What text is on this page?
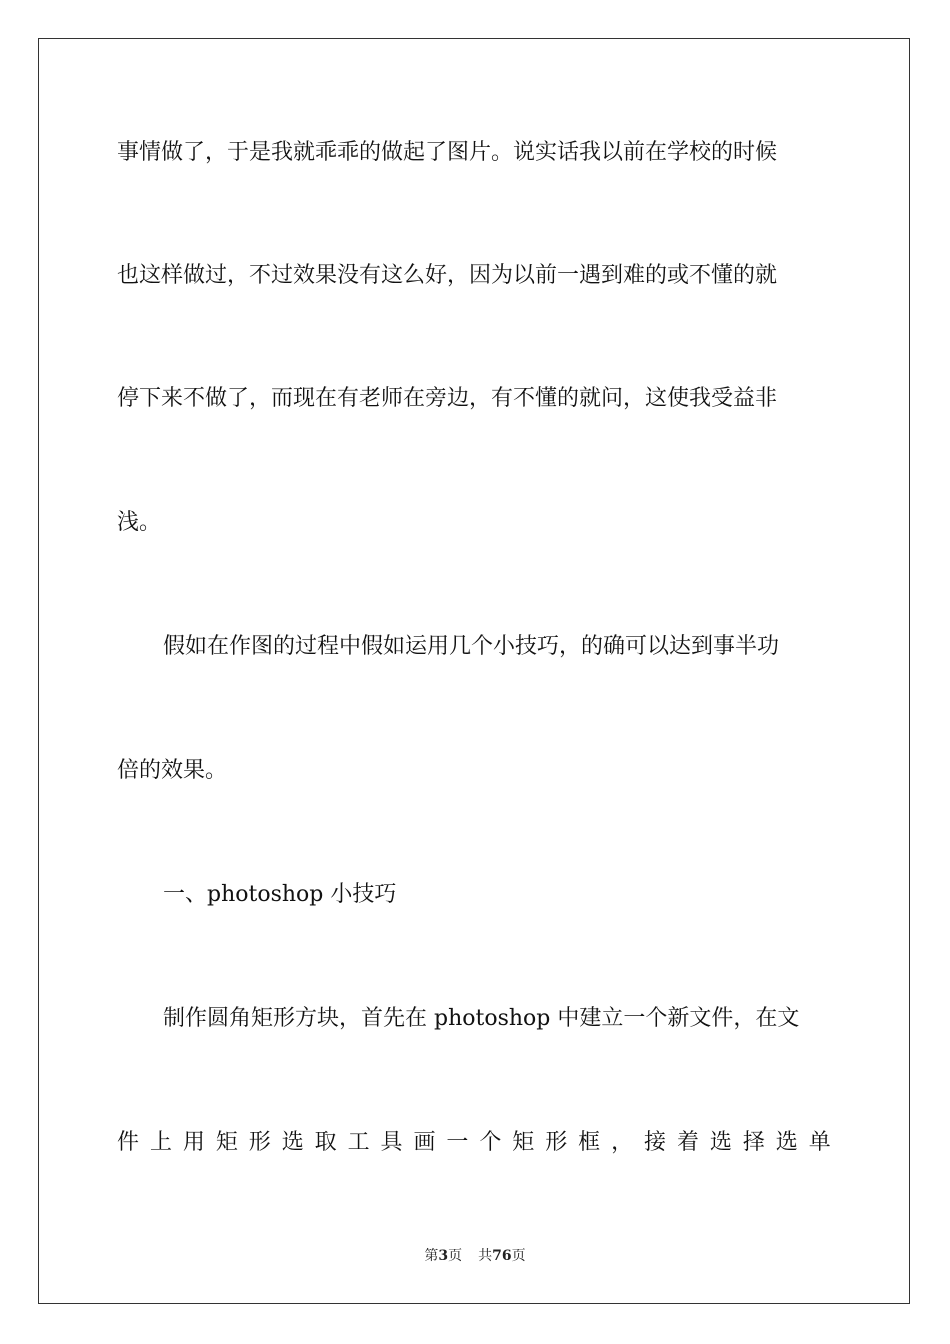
事情做了，于是我就乖乖的做起了图片。说实话我以前在学校的时候
也这样做过，不过效果没有这么好，因为以前一遇到难的或不懂的就
停下来不做了，而现在有老师在旁边，有不懂的就问，这使我受益非
浅。
假如在作图的过程中假如运用几个小技巧，的确可以达到事半功
倍的效果。
一、photoshop 小技巧
制作圆角矩形方块，首先在 photoshop 中建立一个新文件，在文
件 上 用 矩 形 选 取 工 具 画 一 个 矩 形 框 ， 接 着 选 择 选 单
第3页 共76页
